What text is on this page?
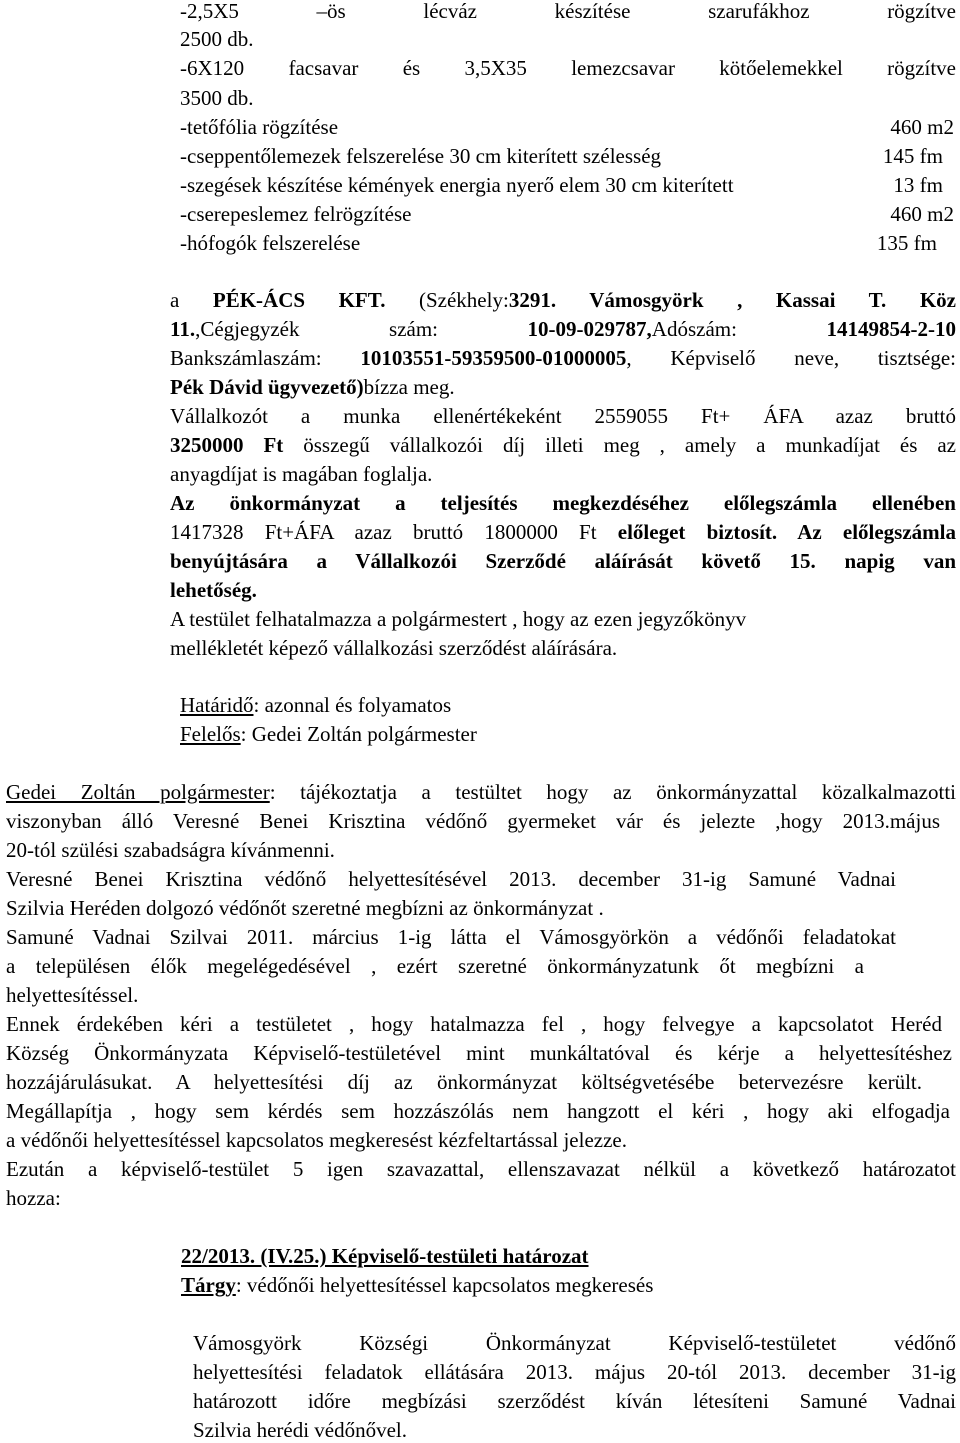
-2,5X5 –ös lécváz készítése szarufákhoz rögzítve
2500 db.
-6X120 facsavar és 3,5X35 lemezcsavar kötőelemekkel rögzítve
3500 db.
-tetőfólia rögzítése	460 m2
-cseppentőlemezek felszerelése 30 cm kiterített szélesség	145 fm
-szegések készítése kémények energia nyerő elem 30 cm kiterített	13 fm
-cserepeslemez felrögzítése	460 m2
-hófogók felszerelése	135 fm
a PÉK-ÁCS KFT. (Székhely:3291. Vámosgyörk , Kassai T. Köz
11.,Cégjegyzék szám: 10-09-029787,Adószám: 14149854-2-10
Bankszámlaszám: 10103551-59359500-01000005, Képviselő neve, tisztsége:
Pék Dávid ügyvezető)bízza meg.
Vállalkozót a munka ellenértékeként 2559055 Ft+ ÁFA azaz bruttó
3250000 Ft összegű vállalkozói díj illeti meg , amely a munkadíjat és az
anyagdíjat is magában foglalja.
Az önkormányzat a teljesítés megkezdéséhez előlegszámla ellenében
1417328 Ft+ÁFA azaz bruttó 1800000 Ft előleget biztosít. Az előlegszámla
benyújtására a Vállalkozói Szerződé aláírását követő 15. napig van
lehetőség.
A testület felhatalmazza a polgármestert , hogy az ezen jegyzőkönyv
mellékletét képező vállalkozási szerződést aláírására.
Határidő: azonnal és folyamatos
Felelős: Gedei Zoltán polgármester
Gedei Zoltán polgármester: tájékoztatja a testültet hogy az önkormányzattal közalkalmazotti
viszonyban álló Veresné Benei Krisztina védőnő gyermeket vár és jelezte ,hogy 2013.május
20-tól szülési szabadságra kívánmenni.
Veresné Benei Krisztina védőnő helyettesítésével 2013. december 31-ig Samuné Vadnai
Szilvia Heréden dolgozó védőnőt szeretné megbízni az önkormányzat .
Samuné Vadnai Szilvai 2011. március 1-ig látta el Vámosgyörkön a védőnői feladatokat
a településen élők megelégedésével , ezért szeretné önkormányzatunk őt megbízni a
helyettesítéssel.
Ennek érdekében kéri a testületet , hogy hatalmazza fel , hogy felvegye a kapcsolatot Heréd
Község Önkormányzata Képviselő-testületével mint munkáltatóval és kérje a helyettesítéshez
hozzájárulásukat. A helyettesítési díj az önkormányzat költségvetésébe betervezésre került.
Megállapítja , hogy sem kérdés sem hozzászólás nem hangzott el kéri , hogy aki elfogadja
a védőnői helyettesítéssel kapcsolatos megkeresést kézfeltartással jelezze.
Ezután a képviselő-testület 5 igen szavazattal, ellenszavazat nélkül a következő határozatot
hozza:
22/2013. (IV.25.) Képviselő-testületi határozat
Tárgy: védőnői helyettesítéssel kapcsolatos megkeresés
Vámosgyörk Községi Önkormányzat Képviselő-testületet védőnő
helyettesítési feladatok ellátására 2013. május 20-tól 2013. december 31-ig
határozott időre megbízási szerződést kíván létesíteni Samuné Vadnai
Szilvia herédi védőnővel.
